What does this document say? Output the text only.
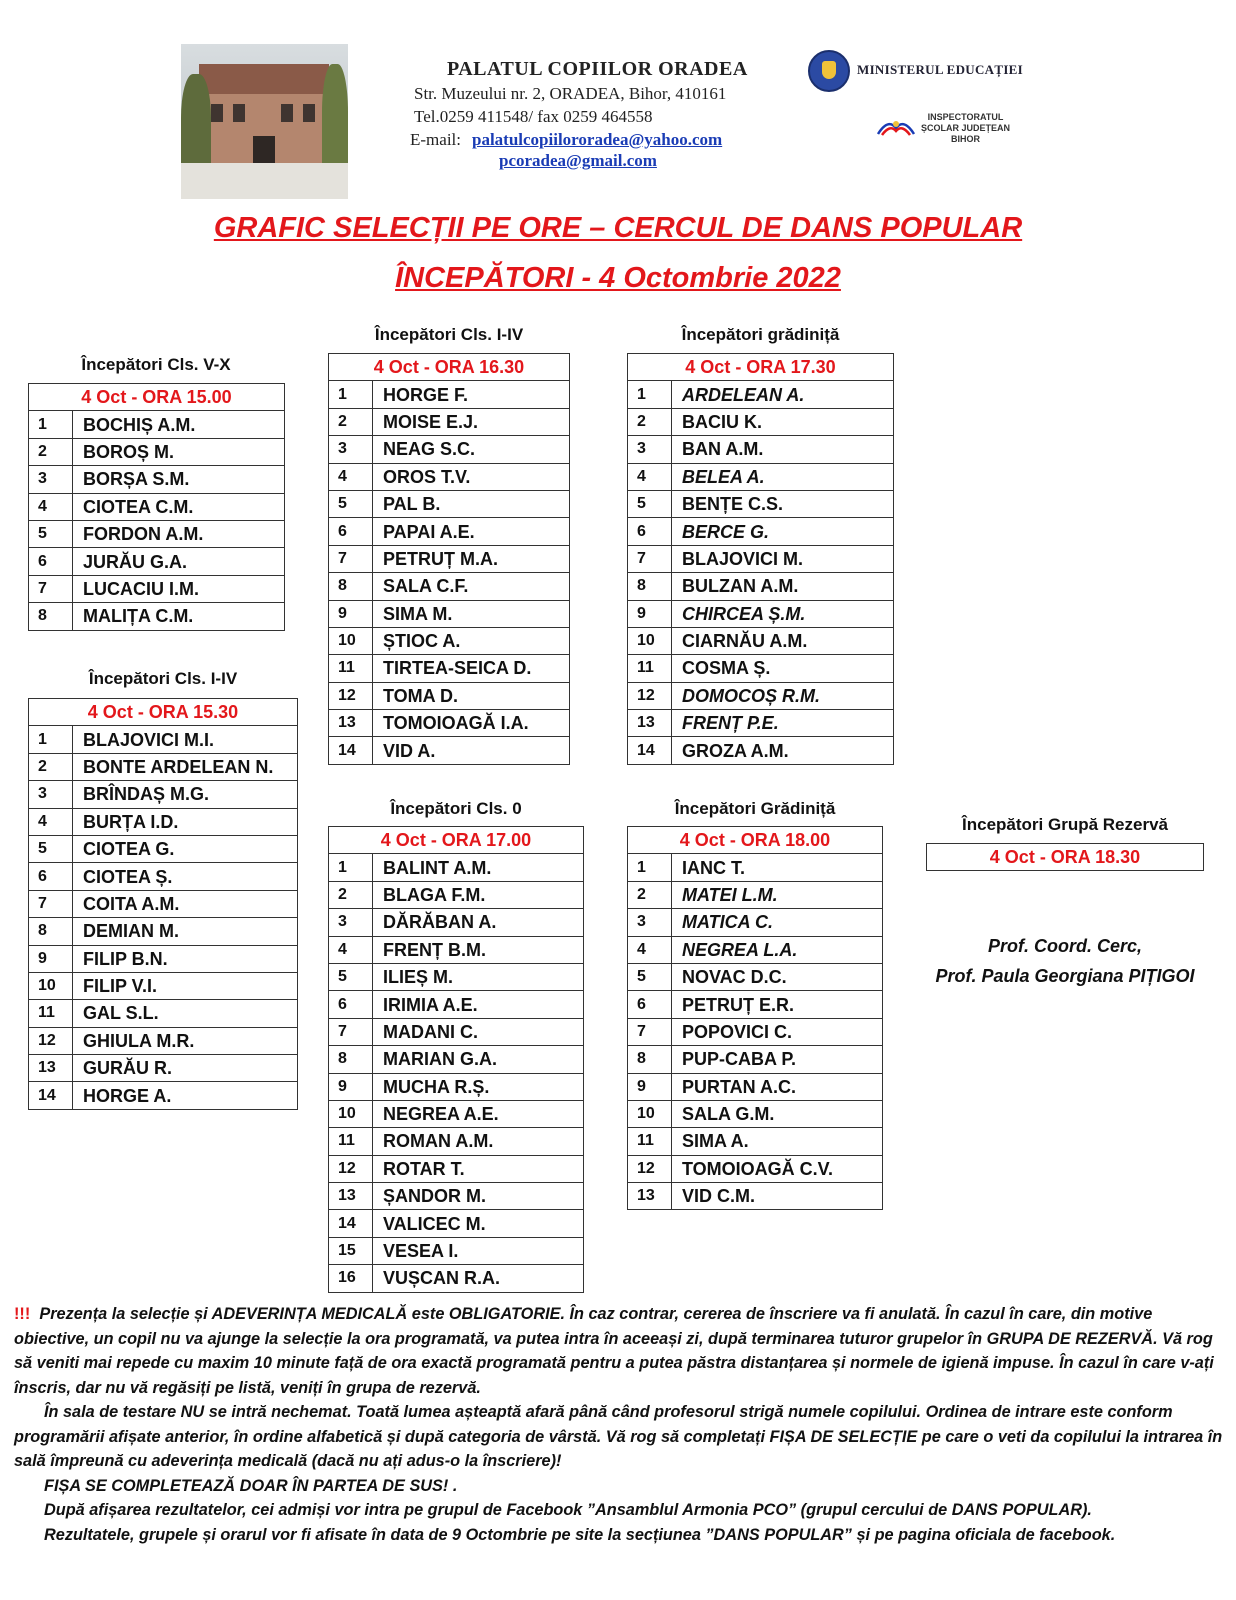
PALATUL COPIILOR ORADEA
Str. Muzeului nr. 2, ORADEA, Bihor, 410161
Tel.0259 411548/ fax 0259 464558
E-mail: palatulcopiilororadea@yahoo.com
pcoradea@gmail.com
MINISTERUL EDUCAȚIEI
INSPECTORATUL
ȘCOLAR JUDEȚEAN
BIHOR
GRAFIC SELECȚII PE ORE – CERCUL DE DANS POPULAR
ÎNCEPĂTORI - 4 Octombrie 2022
Începători Cls. V-X
Începători Cls. I-IV
Începători Cls. I-IV
Începători Cls. 0
Începători grădiniță
Începători Grădiniță
Începători Grupă Rezervă
4 Oct - ORA 15.00	
1	BOCHIȘ A.M.
2	BOROȘ M.
3	BORȘA S.M.
4	CIOTEA C.M.
5	FORDON A.M.
6	JURĂU G.A.
7	LUCACIU I.M.
8	MALIȚA C.M.
4 Oct - ORA 15.30	
1	BLAJOVICI M.I.
2	BONTE ARDELEAN N.
3	BRÎNDAȘ M.G.
4	BURȚA I.D.
5	CIOTEA G.
6	CIOTEA Ș.
7	COITA A.M.
8	DEMIAN M.
9	FILIP B.N.
10	FILIP V.I.
11	GAL S.L.
12	GHIULA M.R.
13	GURĂU R.
14	HORGE A.
4 Oct - ORA 16.30	
1	HORGE F.
2	MOISE E.J.
3	NEAG S.C.
4	OROS T.V.
5	PAL B.
6	PAPAI A.E.
7	PETRUȚ M.A.
8	SALA C.F.
9	SIMA M.
10	ȘTIOC A.
11	TIRTEA-SEICA D.
12	TOMA D.
13	TOMOIOAGĂ I.A.
14	VID A.
4 Oct - ORA 17.00	
1	BALINT A.M.
2	BLAGA F.M.
3	DĂRĂBAN A.
4	FRENȚ B.M.
5	ILIEȘ M.
6	IRIMIA A.E.
7	MADANI C.
8	MARIAN G.A.
9	MUCHA R.Ș.
10	NEGREA A.E.
11	ROMAN A.M.
12	ROTAR T.
13	ȘANDOR M.
14	VALICEC M.
15	VESEA I.
16	VUȘCAN R.A.
4 Oct - ORA 17.30	
1	ARDELEAN A.
2	BACIU K.
3	BAN A.M.
4	BELEA A.
5	BENȚE C.S.
6	BERCE G.
7	BLAJOVICI M.
8	BULZAN A.M.
9	CHIRCEA Ș.M.
10	CIARNĂU A.M.
11	COSMA Ș.
12	DOMOCOȘ R.M.
13	FRENȚ P.E.
14	GROZA A.M.
4 Oct - ORA 18.00	
1	IANC T.
2	MATEI L.M.
3	MATICA C.
4	NEGREA L.A.
5	NOVAC D.C.
6	PETRUȚ E.R.
7	POPOVICI C.
8	PUP-CABA P.
9	PURTAN A.C.
10	SALA G.M.
11	SIMA A.
12	TOMOIOAGĂ C.V.
13	VID C.M.
4 Oct - ORA 18.30
Prof. Coord. Cerc,
Prof. Paula Georgiana PIȚIGOI

!!! Prezența la selecție și ADEVERINȚA MEDICALĂ este OBLIGATORIE. În caz contrar, cererea de înscriere va fi anulată. În cazul în care, din motive obiective, un copil nu va ajunge la selecție la ora programată, va putea intra în aceeași zi, după terminarea tuturor grupelor în GRUPA DE REZERVĂ. Vă rog să veniti mai repede cu maxim 10 minute față de ora exactă programată pentru a putea păstra distanțarea și normele de igienă impuse. În cazul în care v-ați înscris, dar nu vă regăsiți pe listă, veniți în grupa de rezervă.

În sala de testare NU se intră nechemat. Toată lumea așteaptă afară până când profesorul strigă numele copilului. Ordinea de intrare este conform programării afișate anterior, în ordine alfabetică și după categoria de vârstă. Vă rog să completați FIȘA DE SELECȚIE pe care o veti da copilului la intrarea în sală împreună cu adeverința medicală (dacă nu ați adus-o la înscriere)!

FIȘA SE COMPLETEAZĂ DOAR ÎN PARTEA DE SUS! .

După afișarea rezultatelor, cei admiși vor intra pe grupul de Facebook ”Ansamblul Armonia PCO” (grupul cercului de DANS POPULAR).

Rezultatele, grupele și orarul vor fi afisate în data de 9 Octombrie pe site la secțiunea ”DANS POPULAR” și pe pagina oficiala de facebook.
